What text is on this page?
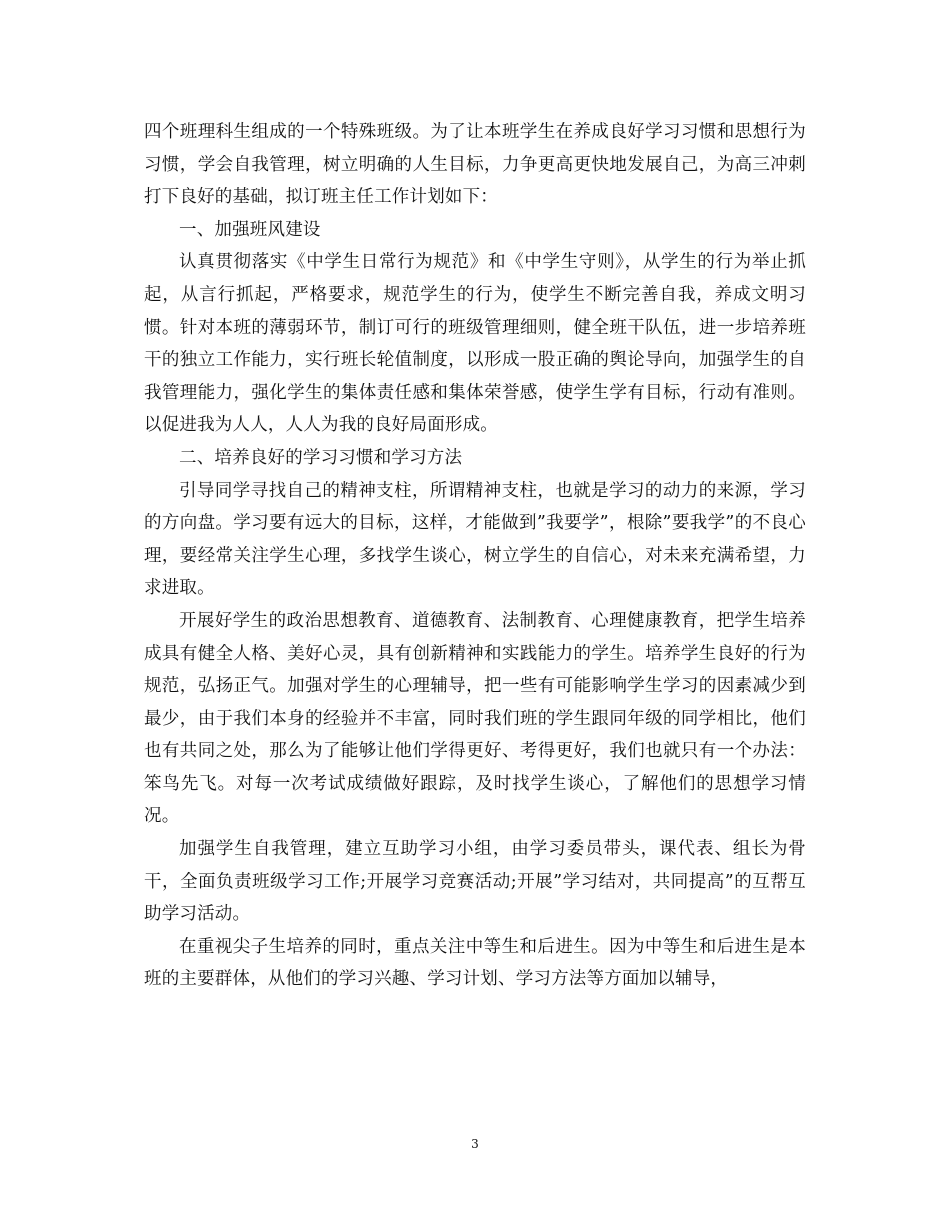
四个班理科生组成的一个特殊班级。为了让本班学生在养成良好学习习惯和思想行为习惯，学会自我管理，树立明确的人生目标，力争更高更快地发展自己，为高三冲刺打下良好的基础，拟订班主任工作计划如下：

一、加强班风建设

认真贯彻落实《中学生日常行为规范》和《中学生守则》，从学生的行为举止抓起，从言行抓起，严格要求，规范学生的行为，使学生不断完善自我，养成文明习惯。针对本班的薄弱环节，制订可行的班级管理细则，健全班干队伍，进一步培养班干的独立工作能力，实行班长轮值制度，以形成一股正确的舆论导向，加强学生的自我管理能力，强化学生的集体责任感和集体荣誉感，使学生学有目标，行动有准则。以促进我为人人，人人为我的良好局面形成。

二、培养良好的学习习惯和学习方法

引导同学寻找自己的精神支柱，所谓精神支柱，也就是学习的动力的来源，学习的方向盘。学习要有远大的目标，这样，才能做到”我要学”，根除”要我学”的不良心理，要经常关注学生心理，多找学生谈心，树立学生的自信心，对未来充满希望，力求进取。

开展好学生的政治思想教育、道德教育、法制教育、心理健康教育，把学生培养成具有健全人格、美好心灵，具有创新精神和实践能力的学生。培养学生良好的行为规范，弘扬正气。加强对学生的心理辅导，把一些有可能影响学生学习的因素减少到最少，由于我们本身的经验并不丰富，同时我们班的学生跟同年级的同学相比，他们也有共同之处，那么为了能够让他们学得更好、考得更好，我们也就只有一个办法：笨鸟先飞。对每一次考试成绩做好跟踪，及时找学生谈心，了解他们的思想学习情况。

加强学生自我管理，建立互助学习小组，由学习委员带头，课代表、组长为骨干，全面负责班级学习工作;开展学习竞赛活动;开展”学习结对，共同提高”的互帮互助学习活动。

在重视尖子生培养的同时，重点关注中等生和后进生。因为中等生和后进生是本班的主要群体，从他们的学习兴趣、学习计划、学习方法等方面加以辅导，

3
